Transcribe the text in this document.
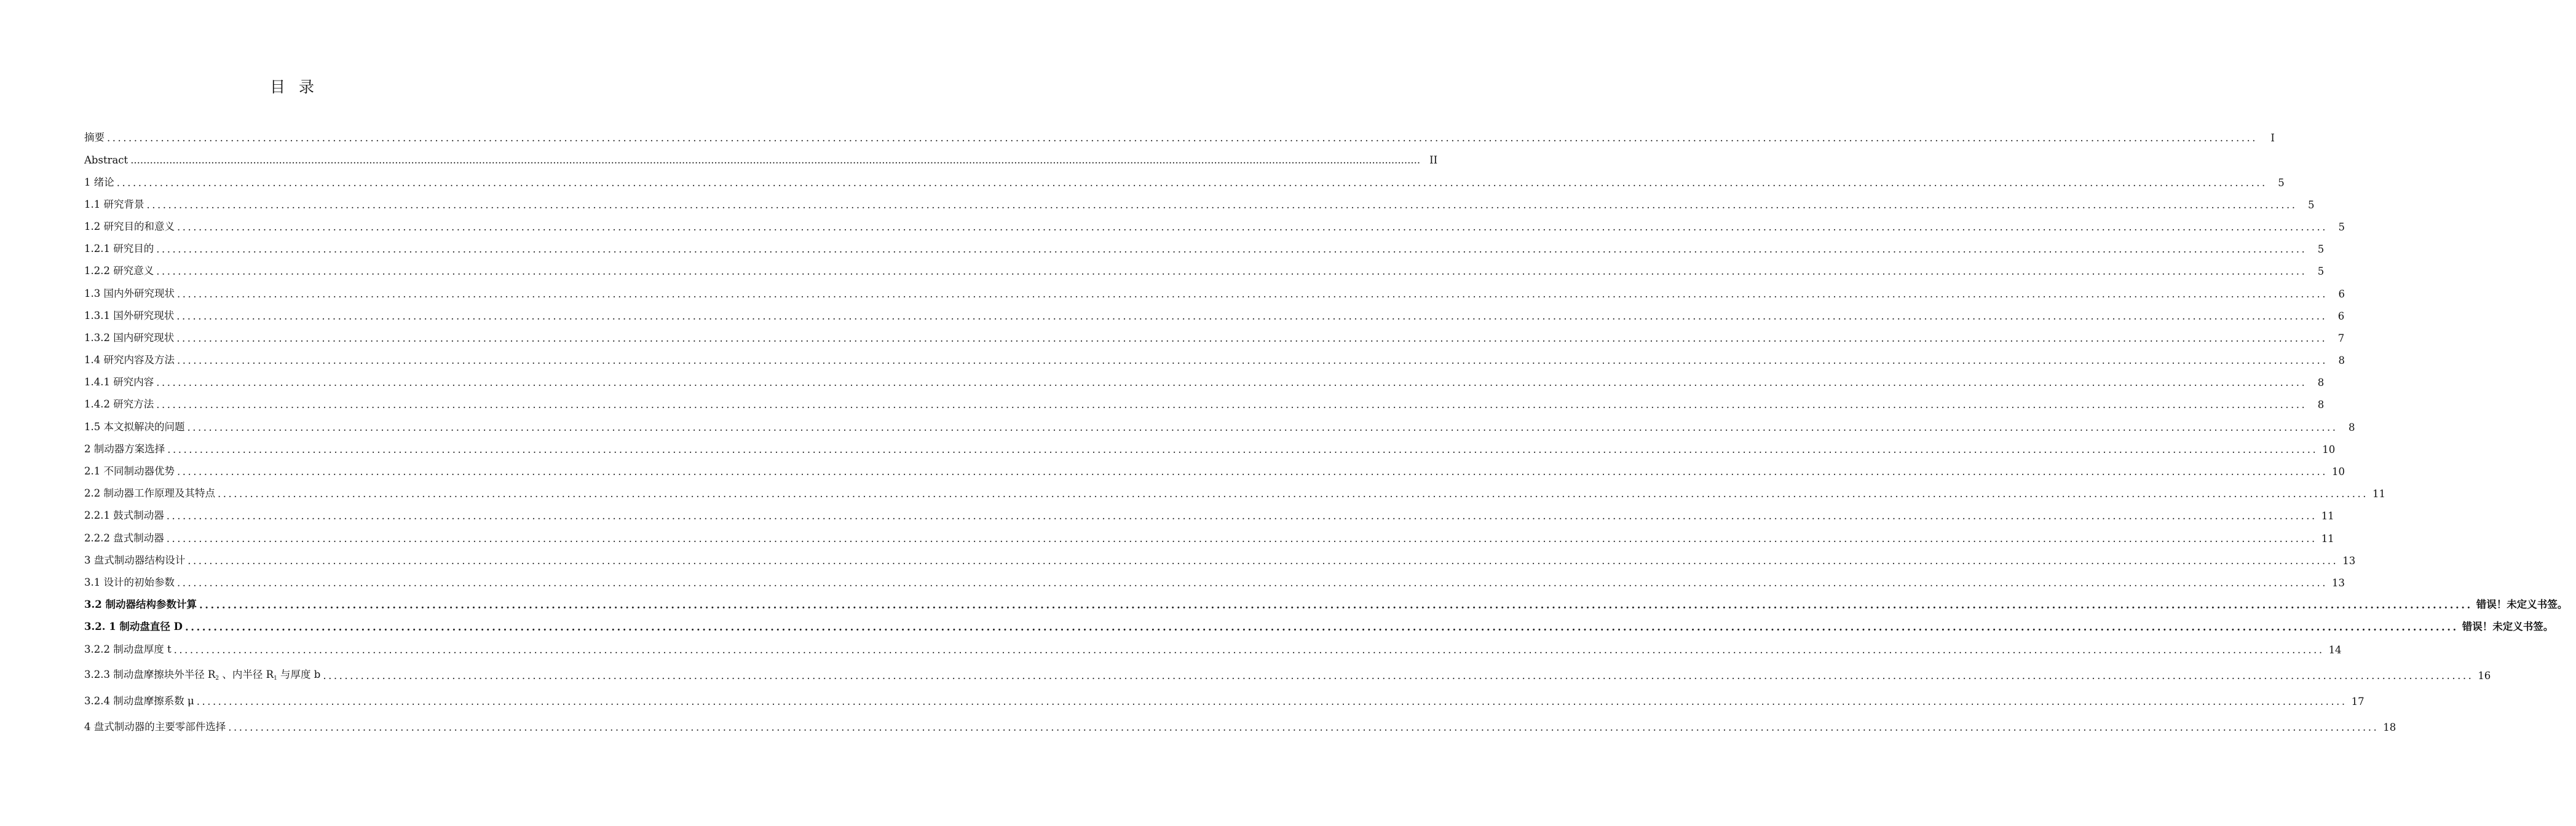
目录
摘要 ................................................................................................................................................................................................................................................................................................................................................................................................................	I
Abstract ................................................................................................................................................................................................................................................................................................................................................................................................................ II
1 绪论 ................................................................................................................................................................................................................................................................................................................................................................................................................	5
1.1 研究背景 ................................................................................................................................................................................................................................................................................................................................................................................................................	5
1.2 研究目的和意义 ................................................................................................................................................................................................................................................................................................................................................................................................................	5
1.2.1 研究目的 ................................................................................................................................................................................................................................................................................................................................................................................................................	5
1.2.2 研究意义 ................................................................................................................................................................................................................................................................................................................................................................................................................	5
1.3 国内外研究现状 ................................................................................................................................................................................................................................................................................................................................................................................................................	6
1.3.1 国外研究现状 ................................................................................................................................................................................................................................................................................................................................................................................................................	6
1.3.2 国内研究现状 ................................................................................................................................................................................................................................................................................................................................................................................................................	7
1.4 研究内容及方法 ................................................................................................................................................................................................................................................................................................................................................................................................................	8
1.4.1 研究内容 ................................................................................................................................................................................................................................................................................................................................................................................................................	8
1.4.2 研究方法 ................................................................................................................................................................................................................................................................................................................................................................................................................	8
1.5 本文拟解决的问题 ................................................................................................................................................................................................................................................................................................................................................................................................................	8
2 制动器方案选择 ................................................................................................................................................................................................................................................................................................................................................................................................................ 10
2.1 不同制动器优势 ................................................................................................................................................................................................................................................................................................................................................................................................................ 10
2.2 制动器工作原理及其特点 ................................................................................................................................................................................................................................................................................................................................................................................................................ 11
2.2.1 鼓式制动器 ................................................................................................................................................................................................................................................................................................................................................................................................................ 11
2.2.2 盘式制动器 ................................................................................................................................................................................................................................................................................................................................................................................................................ 11
3 盘式制动器结构设计 ................................................................................................................................................................................................................................................................................................................................................................................................................ 13
3.1 设计的初始参数 ................................................................................................................................................................................................................................................................................................................................................................................................................ 13
3.2 制动器结构参数计算 ................................................................................................................................................................................................................................................................................................................................................................................................................ 错误！未定义书签。
3.2. 1 制动盘直径 D ................................................................................................................................................................................................................................................................................................................................................................................................................ 错误！未定义书签。
3.2.2 制动盘厚度 t ................................................................................................................................................................................................................................................................................................................................................................................................................ 14
3.2.3 制动盘摩擦块外半径 $R_2$ 、内半径 $R_1$ 与厚度 b ................................................................................................................................................................................................................................................................................................................................................................................................................ 16
3.2.4 制动盘摩擦系数 μ ................................................................................................................................................................................................................................................................................................................................................................................................................ 17
4 盘式制动器的主要零部件选择 ................................................................................................................................................................................................................................................................................................................................................................................................................ 18
